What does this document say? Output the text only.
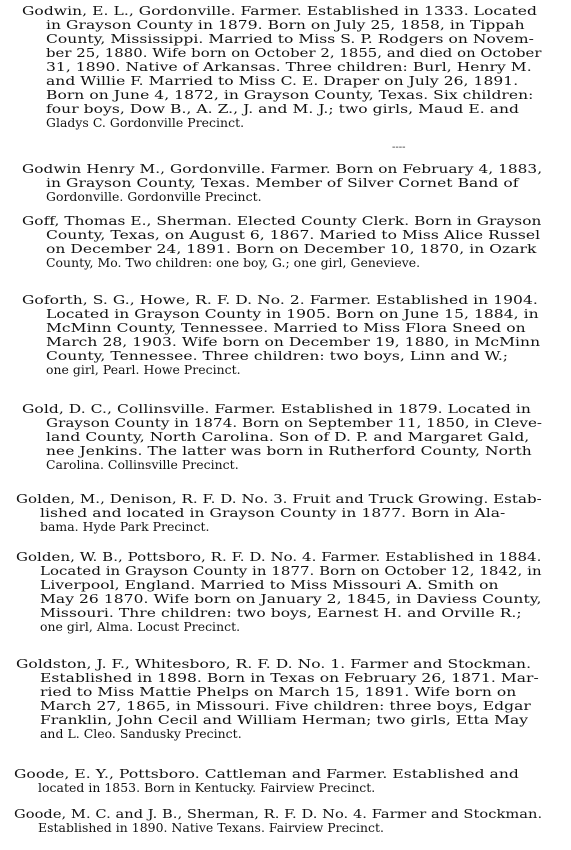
Godwin, E. L., Gordonville. Farmer. Established in 1333. Located
in Grayson County in 1879. Born on July 25, 1858, in Tippah
County, Mississippi. Married to Miss S. P. Rodgers on Novem-
ber 25, 1880. Wife born on October 2, 1855, and died on October
31, 1890. Native of Arkansas. Three children: Burl, Henry M.
and Willie F. Married to Miss C. E. Draper on July 26, 1891.
Born on June 4, 1872, in Grayson County, Texas. Six children:
four boys, Dow B., A. Z., J. and M. J.; two girls, Maud E. and
Gladys C. Gordonville Precinct.
Godwin Henry M., Gordonville. Farmer. Born on February 4, 1883,
in Grayson County, Texas. Member of Silver Cornet Band of
Gordonville. Gordonville Precinct.
Goff, Thomas E., Sherman. Elected County Clerk. Born in Grayson
County, Texas, on August 6, 1867. Maried to Miss Alice Russel
on December 24, 1891. Born on December 10, 1870, in Ozark
County, Mo. Two children: one boy, G.; one girl, Genevieve.
Goforth, S. G., Howe, R. F. D. No. 2. Farmer. Established in 1904.
Located in Grayson County in 1905. Born on June 15, 1884, in
McMinn County, Tennessee. Married to Miss Flora Sneed on
March 28, 1903. Wife born on December 19, 1880, in McMinn
County, Tennessee. Three children: two boys, Linn and W.;
one girl, Pearl. Howe Precinct.
Gold, D. C., Collinsville. Farmer. Established in 1879. Located in
Grayson County in 1874. Born on September 11, 1850, in Cleve-
land County, North Carolina. Son of D. P. and Margaret Gald,
nee Jenkins. The latter was born in Rutherford County, North
Carolina. Collinsville Precinct.
Golden, M., Denison, R. F. D. No. 3. Fruit and Truck Growing. Estab-
lished and located in Grayson County in 1877. Born in Ala-
bama. Hyde Park Precinct.
Golden, W. B., Pottsboro, R. F. D. No. 4. Farmer. Established in 1884.
Located in Grayson County in 1877. Born on October 12, 1842, in
Liverpool, England. Married to Miss Missouri A. Smith on
May 26 1870. Wife born on January 2, 1845, in Daviess County,
Missouri. Thre children: two boys, Earnest H. and Orville R.;
one girl, Alma. Locust Precinct.
Goldston, J. F., Whitesboro, R. F. D. No. 1. Farmer and Stockman.
Established in 1898. Born in Texas on February 26, 1871. Mar-
ried to Miss Mattie Phelps on March 15, 1891. Wife born on
March 27, 1865, in Missouri. Five children: three boys, Edgar
Franklin, John Cecil and William Herman; two girls, Etta May
and L. Cleo. Sandusky Precinct.
Goode, E. Y., Pottsboro. Cattleman and Farmer. Established and
located in 1853. Born in Kentucky. Fairview Precinct.
Goode, M. C. and J. B., Sherman, R. F. D. No. 4. Farmer and Stockman.
Established in 1890. Native Texans. Fairview Precinct.
----
